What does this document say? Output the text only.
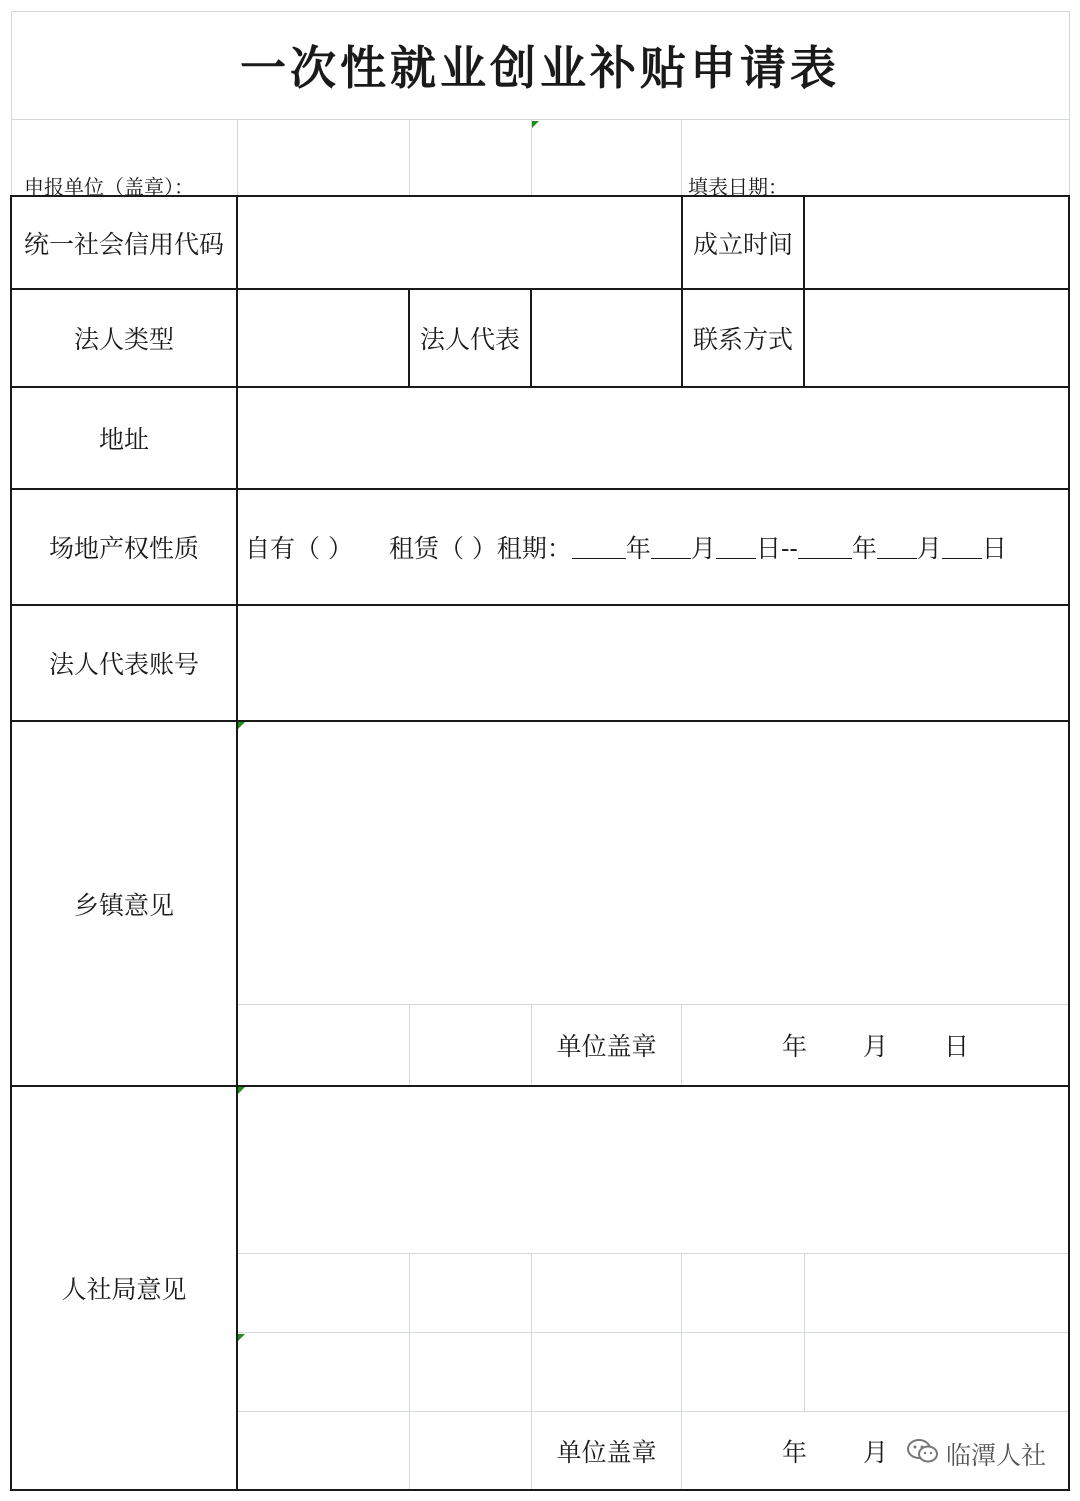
一次性就业创业补贴申请表
申报单位（盖章）：	填表日期：
统一社会信用代码	成立时间
法人类型	法人代表	联系方式
地址
场地产权性质	自有（ ） 租赁（ ）租期： 年 月 日-- 年 月 日
法人代表账号
乡镇意见
单位盖章	年 月 日
人社局意见
单位盖章	年 月 临潭人社
